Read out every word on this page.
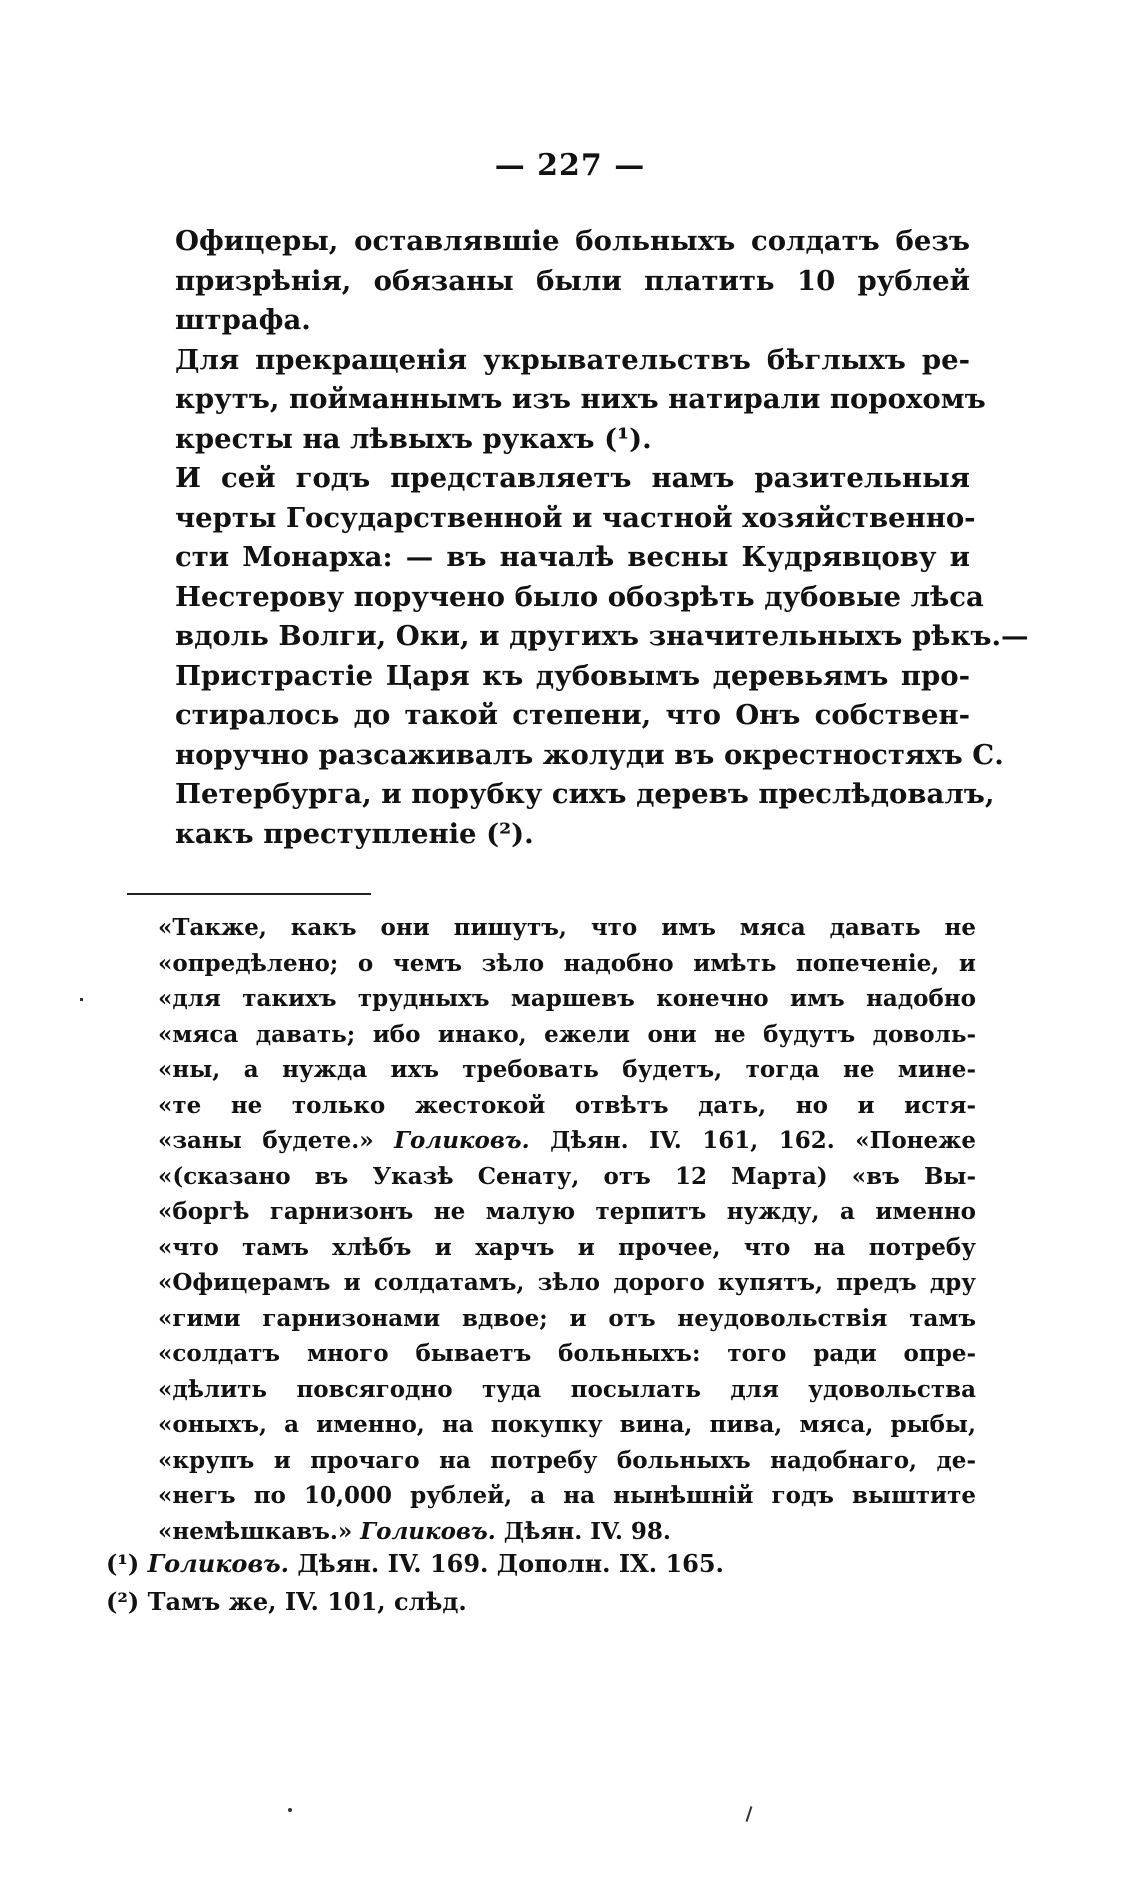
— 227 —

Офицеры, оставлявшіе больныхъ солдатъ безъ
призрѣнія, обязаны были платить 10 рублей
штрафа.

Для прекращенія укрывательствъ бѣглыхъ ре-
крутъ, пойманнымъ изъ нихъ натирали порохомъ
кресты на лѣвыхъ рукахъ (¹).

И сей годъ представляетъ намъ разительныя
черты Государственной и частной хозяйственно-
сти Монарха: — въ началѣ весны Кудрявцову и
Нестерову поручено было обозрѣть дубовые лѣса
вдоль Волги, Оки, и другихъ значительныхъ рѣкъ.—
Пристрастіе Царя къ дубовымъ деревьямъ про-
стиралось до такой степени, что Онъ собствен-
норучно разсаживалъ жолуди въ окрестностяхъ С.
Петербурга, и порубку сихъ деревъ преслѣдовалъ,
какъ преступленіе (²).

«Также, какъ они пишутъ, что имъ мяса давать не
«опредѣлено; о чемъ зѣло надобно имѣть попеченіе, и
«для такихъ трудныхъ маршевъ конечно имъ надобно
«мяса давать; ибо инако, ежели они не будутъ доволь-
«ны, а нужда ихъ требовать будетъ, тогда не мине-
«те не только жестокой отвѣтъ дать, но и истя-
«заны будете.» Голиковъ. Дѣян. IV. 161, 162. «Понеже
«(сказано въ Указѣ Сенату, отъ 12 Марта) «въ Вы-
«боргѣ гарнизонъ не малую терпитъ нужду, а именно
«что тамъ хлѣбъ и харчъ и прочее, что на потребу
«Офицерамъ и солдатамъ, зѣло дорого купятъ, предъ дру
«гими гарнизонами вдвое; и отъ неудовольствія тамъ
«солдатъ много бываетъ больныхъ: того ради опре-
«дѣлить повсягодно туда посылать для удовольства
«оныхъ, а именно, на покупку вина, пива, мяса, рыбы,
«крупъ и прочаго на потребу больныхъ надобнаго, де-
«негъ по 10,000 рублей, а на нынѣшній годъ выштите
«немѣшкавъ.» Голиковъ. Дѣян. IV. 98.
(¹) Голиковъ. Дѣян. IV. 169. Дополн. IX. 165.
(²) Тамъ же, IV. 101, слѣд.
